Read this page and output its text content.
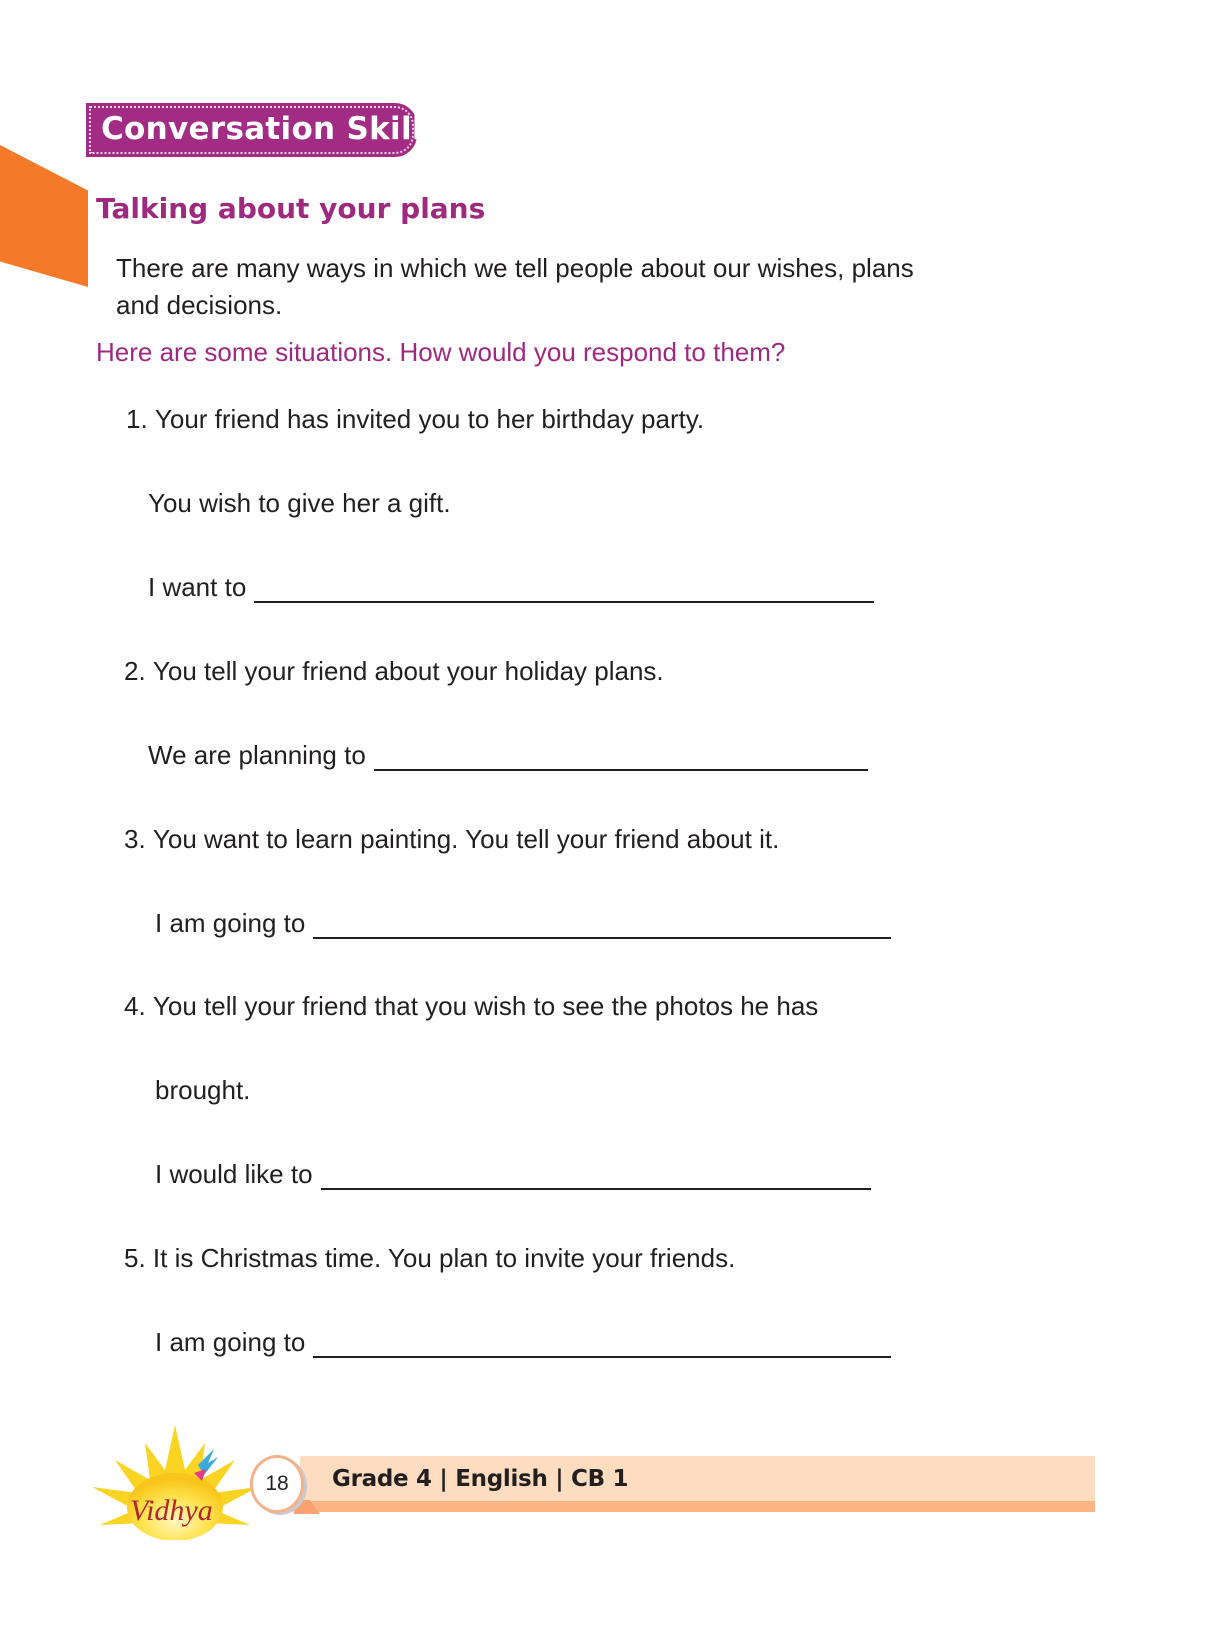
Conversation Skills
Talking about your plans
There are many ways in which we tell people about our wishes, plans and decisions.
Here are some situations. How would you respond to them?
1.
Your friend has invited you to her birthday party.
You wish to give her a gift.
I want to
2.
You tell your friend about your holiday plans.
We are planning to
3.
You want to learn painting. You tell your friend about it.
I am going to
4.
You tell your friend that you wish to see the photos he has
brought.
I would like to
5.
It is Christmas time. You plan to invite your friends.
I am going to
Vidhya
Grade 4 | English | CB 1
18
